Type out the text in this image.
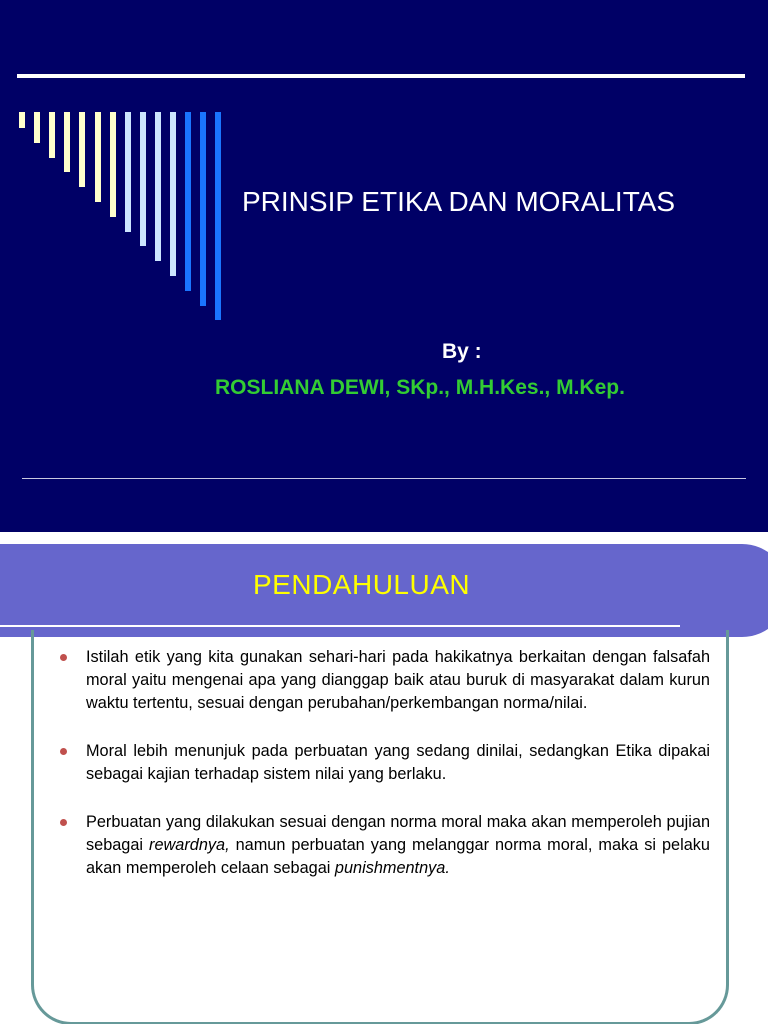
PRINSIP ETIKA DAN MORALITAS
By :
ROSLIANA DEWI, SKp., M.H.Kes., M.Kep.
PENDAHULUAN
Istilah etik yang kita gunakan sehari-hari pada hakikatnya berkaitan dengan falsafah moral yaitu mengenai apa yang dianggap baik atau buruk di masyarakat dalam kurun waktu tertentu, sesuai dengan perubahan/perkembangan norma/nilai.
Moral lebih menunjuk pada perbuatan yang sedang dinilai, sedangkan Etika dipakai sebagai kajian terhadap sistem nilai yang berlaku.
Perbuatan yang dilakukan sesuai dengan norma moral maka akan memperoleh pujian sebagai rewardnya, namun perbuatan yang melanggar norma moral, maka si pelaku akan memperoleh celaan sebagai punishmentnya.
